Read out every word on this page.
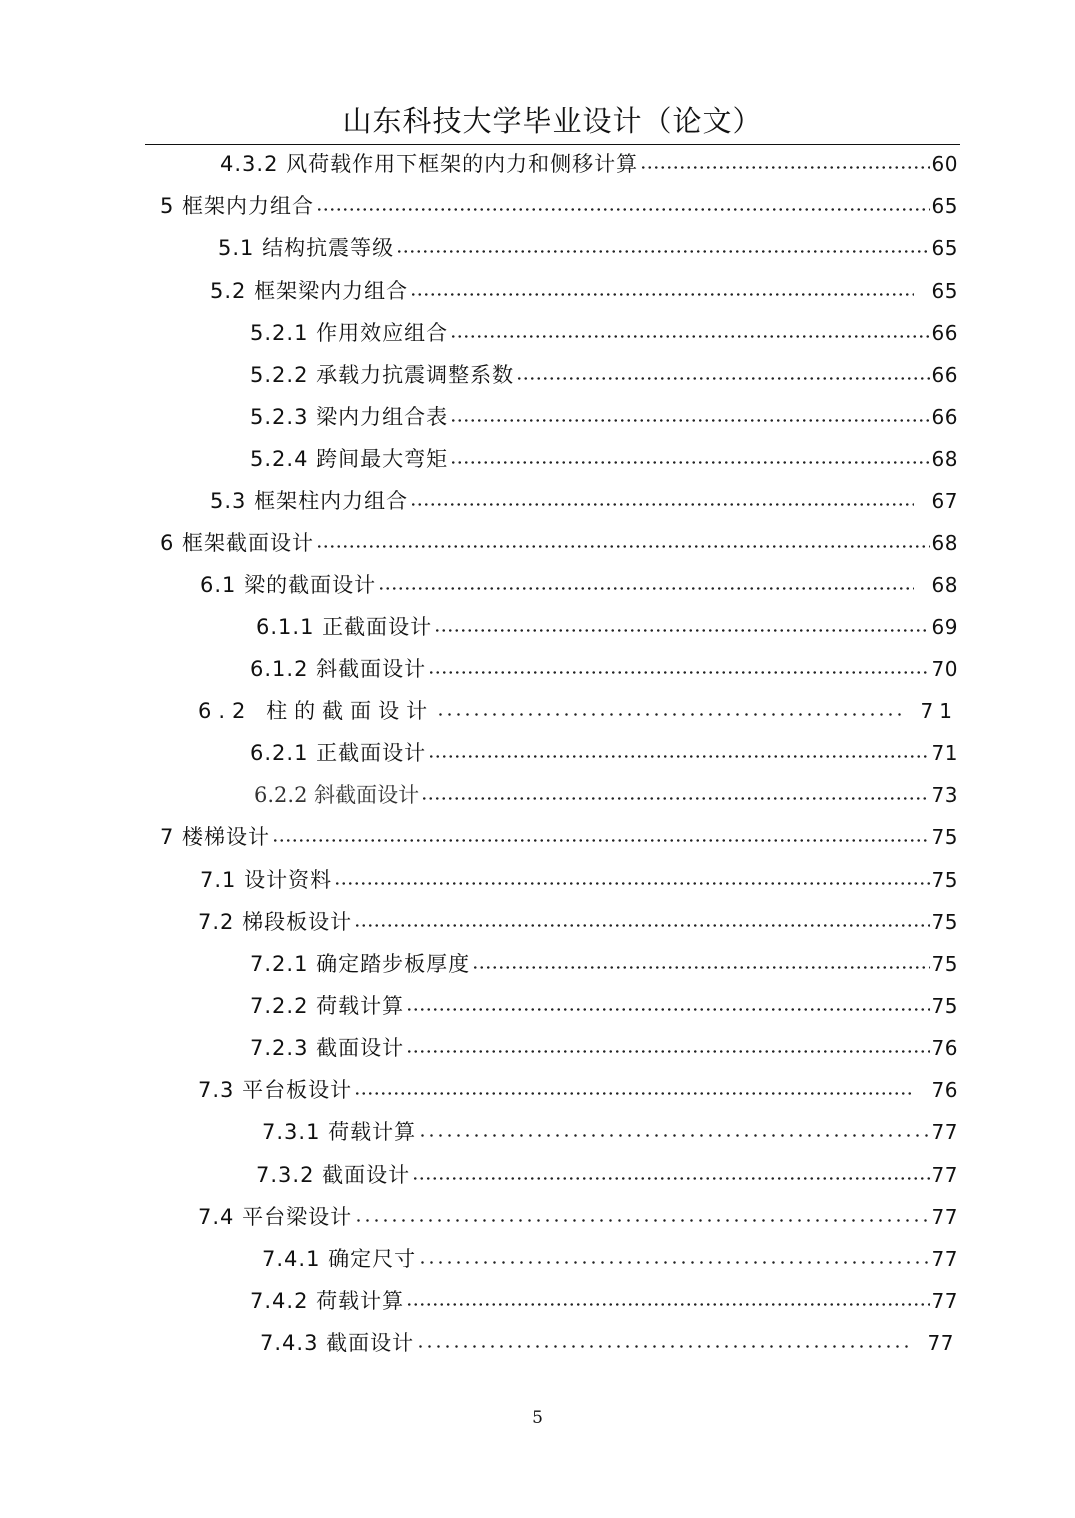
山东科技大学毕业设计（论文）
4.3.2 风荷载作用下框架的内力和侧移计算	60
5 框架内力组合	65
5.1 结构抗震等级	65
5.2 框架梁内力组合	65
5.2.1 作用效应组合	66
5.2.2 承载力抗震调整系数	66
5.2.3 梁内力组合表	66
5.2.4 跨间最大弯矩	68
5.3 框架柱内力组合	67
6 框架截面设计	68
6.1 梁的截面设计	68
6.1.1 正截面设计	69
6.1.2 斜截面设计	70
6.2 柱的截面设计	71
6.2.1 正截面设计	71
6.2.2 斜截面设计	73
7 楼梯设计	75
7.1 设计资料	75
7.2 梯段板设计	75
7.2.1 确定踏步板厚度	75
7.2.2 荷载计算	75
7.2.3 截面设计	76
7.3 平台板设计	76
7.3.1 荷载计算	77
7.3.2 截面设计	77
7.4 平台梁设计	77
7.4.1 确定尺寸	77
7.4.2 荷载计算	77
7.4.3 截面设计	77
5
